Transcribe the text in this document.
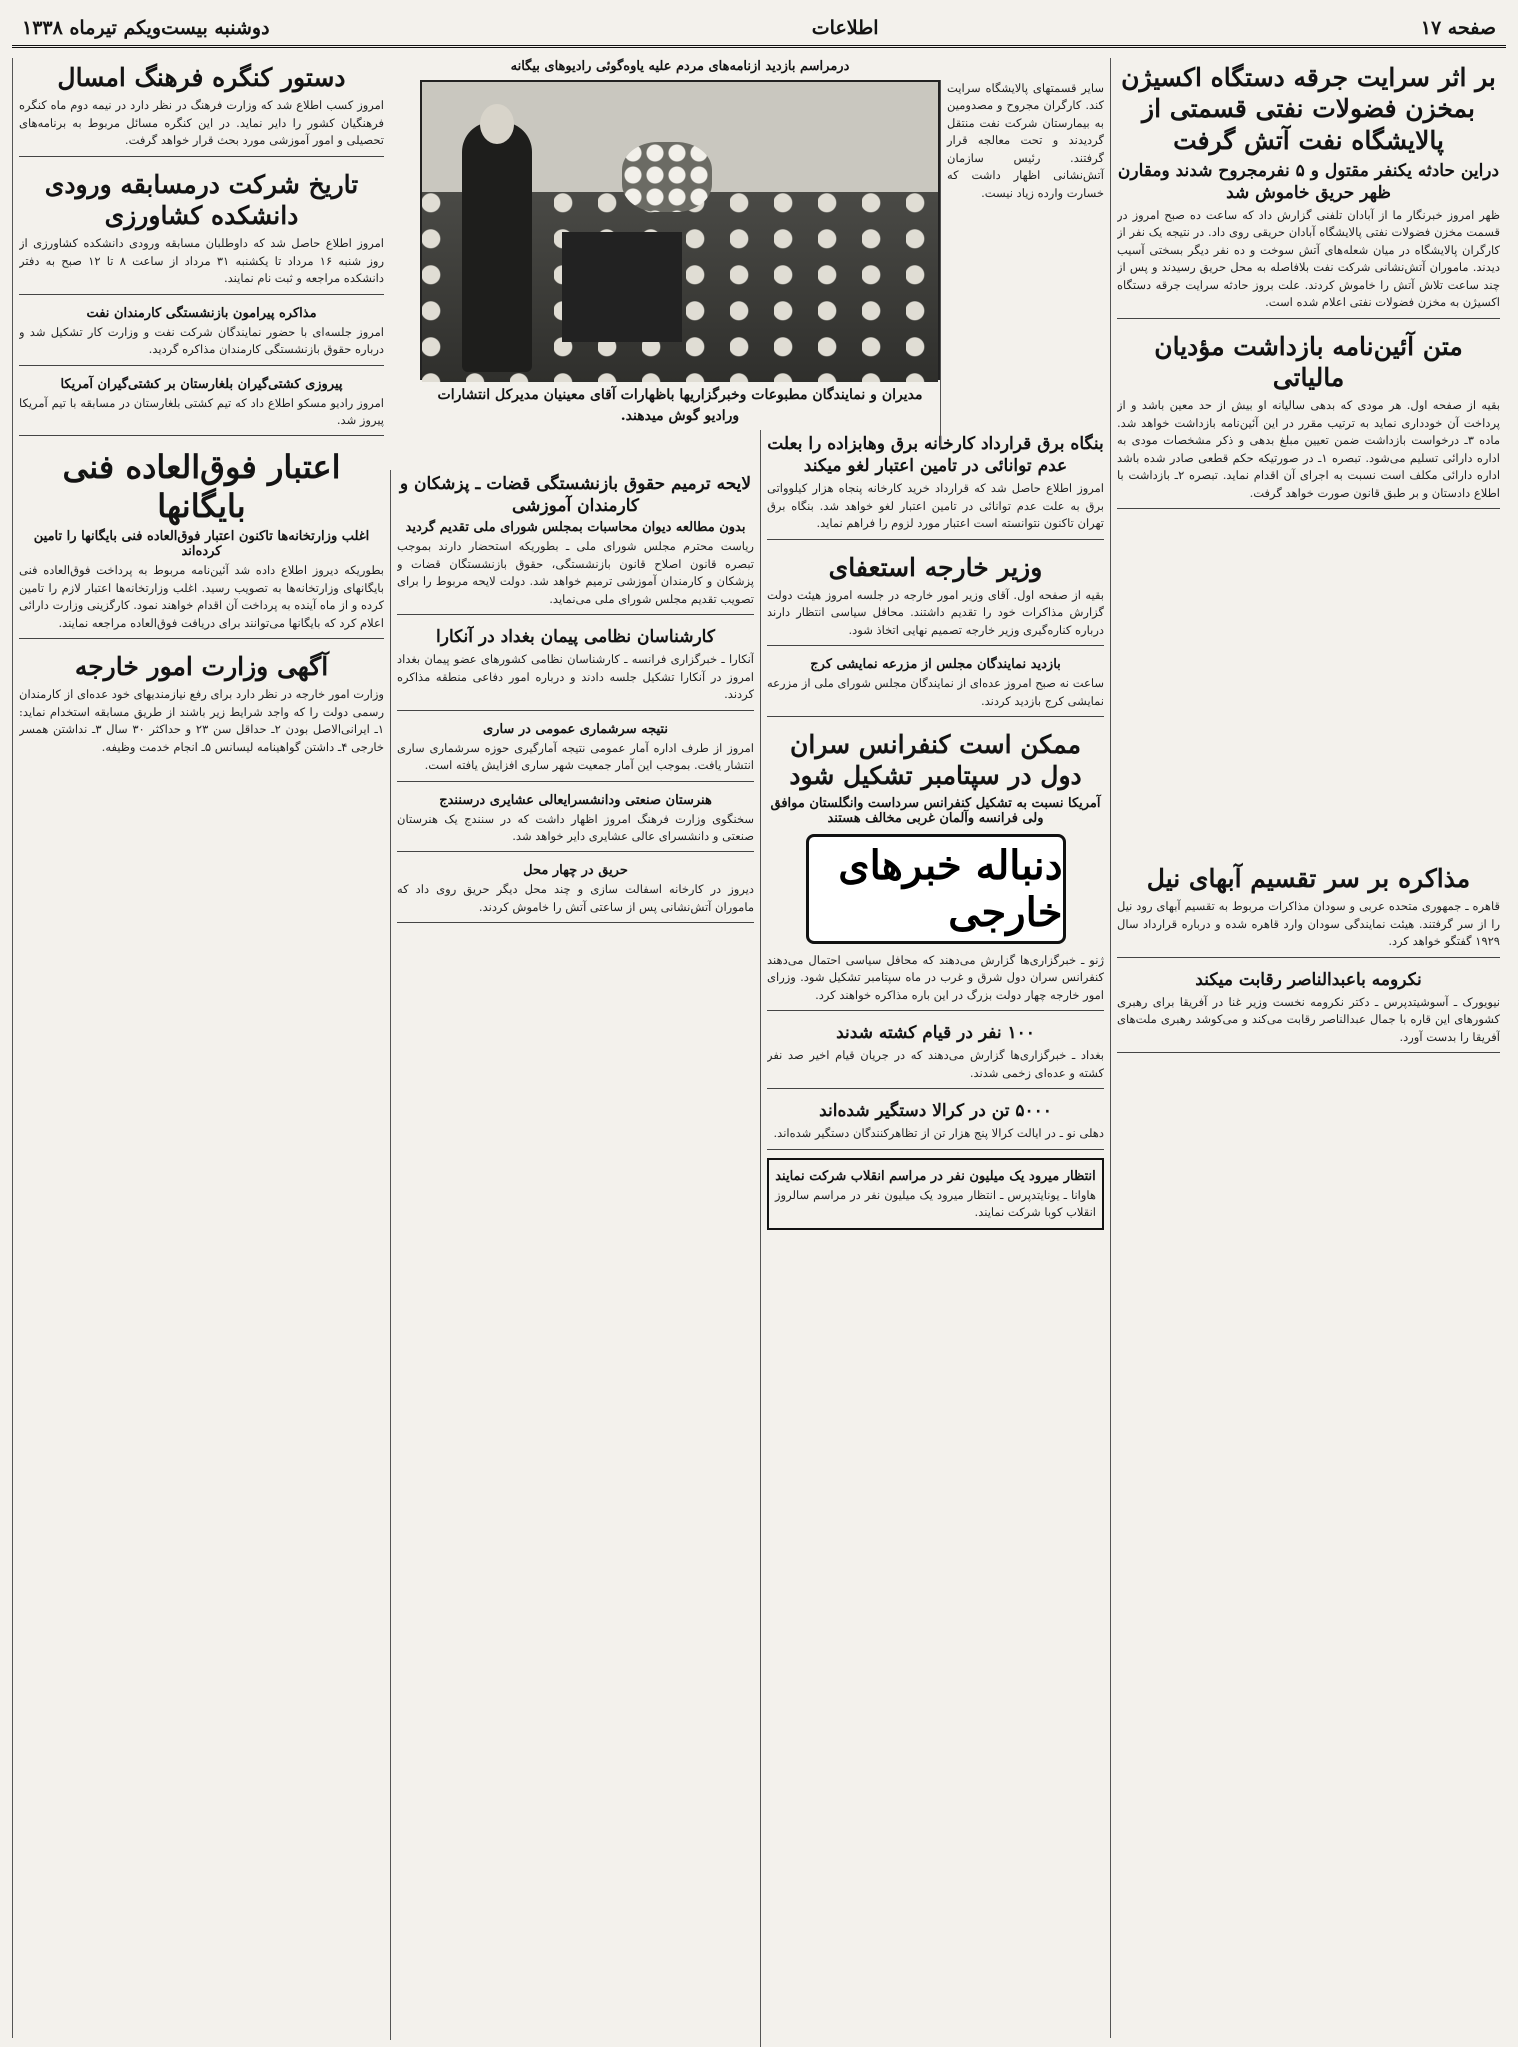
صفحه ۱۷
اطلاعات
دوشنبه بیست‌ویکم تیرماه ۱۳۳۸
بر اثر سرایت جرقه دستگاه اکسیژن بمخزن فضولات نفتی قسمتی از پالایشگاه نفت آتش گرفت
دراین حادثه یکنفر مقتول و ۵ نفرمجروح شدند ومقارن ظهر حریق خاموش شد
ظهر امروز خبرنگار ما از آبادان تلفنی گزارش داد که ساعت ده صبح امروز در قسمت مخزن فضولات نفتی پالایشگاه آبادان حریقی روی داد. در نتیجه یک نفر از کارگران پالایشگاه در میان شعله‌های آتش سوخت و ده نفر دیگر بسختی آسیب دیدند. ماموران آتش‌نشانی شرکت نفت بلافاصله به محل حریق رسیدند و پس از چند ساعت تلاش آتش را خاموش کردند. علت بروز حادثه سرایت جرقه دستگاه اکسیژن به مخزن فضولات نفتی اعلام شده است.
متن آئین‌نامه بازداشت مؤدیان مالیاتی
بقیه از صفحه اول. هر مودی که بدهی سالیانه او بیش از حد معین باشد و از پرداخت آن خودداری نماید به ترتیب مقرر در این آئین‌نامه بازداشت خواهد شد. ماده ۳ـ درخواست بازداشت ضمن تعیین مبلغ بدهی و ذکر مشخصات مودی به اداره دارائی تسلیم می‌شود. تبصره ۱ـ در صورتیکه حکم قطعی صادر شده باشد اداره دارائی مکلف است نسبت به اجرای آن اقدام نماید. تبصره ۲ـ بازداشت با اطلاع دادستان و بر طبق قانون صورت خواهد گرفت.
مذاکره بر سر تقسیم آبهای نیل
قاهره ـ جمهوری متحده عربی و سودان مذاکرات مربوط به تقسیم آبهای رود نیل را از سر گرفتند. هیئت نمایندگی سودان وارد قاهره شده و درباره قرارداد سال ۱۹۲۹ گفتگو خواهد کرد.
نکرومه باعبدالناصر رقابت میکند
نیویورک ـ آسوشیتدپرس ـ دکتر نکرومه نخست وزیر غنا در آفریقا برای رهبری کشورهای این قاره با جمال عبدالناصر رقابت می‌کند و می‌کوشد رهبری ملت‌های آفریقا را بدست آورد.
بنگاه برق قرارداد کارخانه برق وهابزاده را بعلت عدم توانائی در تامین اعتبار لغو میکند
امروز اطلاع حاصل شد که قرارداد خرید کارخانه پنجاه هزار کیلوواتی برق به علت عدم توانائی در تامین اعتبار لغو خواهد شد. بنگاه برق تهران تاکنون نتوانسته است اعتبار مورد لزوم را فراهم نماید.
وزیر خارجه استعفای
بقیه از صفحه اول. آقای وزیر امور خارجه در جلسه امروز هیئت دولت گزارش مذاکرات خود را تقدیم داشتند. محافل سیاسی انتظار دارند درباره کناره‌گیری وزیر خارجه تصمیم نهایی اتخاذ شود.
بازدید نمایندگان مجلس از مزرعه نمایشی کرج
ساعت نه صبح امروز عده‌ای از نمایندگان مجلس شورای ملی از مزرعه نمایشی کرج بازدید کردند.
ممکن است کنفرانس سران دول در سپتامبر تشکیل شود
آمریکا نسبت به تشکیل کنفرانس سرداست وانگلستان موافق ولی فرانسه وآلمان غربی مخالف هستند
دنباله خبرهای خارجی
ژنو ـ خبرگزاری‌ها گزارش می‌دهند که محافل سیاسی احتمال می‌دهند کنفرانس سران دول شرق و غرب در ماه سپتامبر تشکیل شود. وزرای امور خارجه چهار دولت بزرگ در این باره مذاکره خواهند کرد.
۱۰۰ نفر در قیام کشته شدند
بغداد ـ خبرگزاری‌ها گزارش می‌دهند که در جریان قیام اخیر صد نفر کشته و عده‌ای زخمی شدند.
۵۰۰۰ تن در کرالا دستگیر شده‌اند
دهلی نو ـ در ایالت کرالا پنج هزار تن از تظاهرکنندگان دستگیر شده‌اند.
انتظار میرود یک میلیون نفر در مراسم انقلاب شرکت نمایند
هاوانا ـ یونایتدپرس ـ انتظار میرود یک میلیون نفر در مراسم سالروز انقلاب کوبا شرکت نمایند.
درمراسم بازدید ازنامه‌های مردم علیه یاوه‌گوئی رادیوهای بیگانه
مدیران و نمایندگان مطبوعات وخبرگزاریها باظهارات آقای معینیان مدیرکل انتشارات ورادیو گوش میدهند.
سایر قسمتهای پالایشگاه سرایت کند. کارگران مجروح و مصدومین به بیمارستان شرکت نفت منتقل گردیدند و تحت معالجه قرار گرفتند. رئیس سازمان آتش‌نشانی اظهار داشت که خسارت وارده زیاد نیست.
لایحه ترمیم حقوق بازنشستگی قضات ـ پزشکان و کارمندان آموزشی
بدون مطالعه دیوان محاسبات بمجلس شورای ملی تقدیم گردید
ریاست محترم مجلس شورای ملی ـ بطوریکه استحضار دارند بموجب تبصره قانون اصلاح قانون بازنشستگی، حقوق بازنشستگان قضات و پزشکان و کارمندان آموزشی ترمیم خواهد شد. دولت لایحه مربوط را برای تصویب تقدیم مجلس شورای ملی می‌نماید.
کارشناسان نظامی پیمان بغداد در آنکارا
آنکارا ـ خبرگزاری فرانسه ـ کارشناسان نظامی کشورهای عضو پیمان بغداد امروز در آنکارا تشکیل جلسه دادند و درباره امور دفاعی منطقه مذاکره کردند.
نتیجه سرشماری عمومی در ساری
امروز از طرف اداره آمار عمومی نتیجه آمارگیری حوزه سرشماری ساری انتشار یافت. بموجب این آمار جمعیت شهر ساری افزایش یافته است.
هنرستان صنعتی ودانشسرایعالی عشایری درسنندج
سخنگوی وزارت فرهنگ امروز اظهار داشت که در سنندج یک هنرستان صنعتی و دانشسرای عالی عشایری دایر خواهد شد.
حریق در چهار محل
دیروز در کارخانه اسفالت سازی و چند محل دیگر حریق روی داد که ماموران آتش‌نشانی پس از ساعتی آتش را خاموش کردند.
دستور کنگره فرهنگ امسال
امروز کسب اطلاع شد که وزارت فرهنگ در نظر دارد در نیمه دوم ماه کنگره فرهنگیان کشور را دایر نماید. در این کنگره مسائل مربوط به برنامه‌های تحصیلی و امور آموزشی مورد بحث قرار خواهد گرفت.
تاریخ شرکت درمسابقه ورودی دانشکده کشاورزی
امروز اطلاع حاصل شد که داوطلبان مسابقه ورودی دانشکده کشاورزی از روز شنبه ۱۶ مرداد تا یکشنبه ۳۱ مرداد از ساعت ۸ تا ۱۲ صبح به دفتر دانشکده مراجعه و ثبت نام نمایند.
مذاکره پیرامون بازنشستگی کارمندان نفت
امروز جلسه‌ای با حضور نمایندگان شرکت نفت و وزارت کار تشکیل شد و درباره حقوق بازنشستگی کارمندان مذاکره گردید.
پیروزی کشتی‌گیران بلغارستان بر کشتی‌گیران آمریکا
امروز رادیو مسکو اطلاع داد که تیم کشتی بلغارستان در مسابقه با تیم آمریکا پیروز شد.
اعتبار فوق‌العاده فنی بایگانها
اغلب وزارتخانه‌ها تاکنون اعتبار فوق‌العاده فنی بایگانها را تامین کرده‌اند
بطوریکه دیروز اطلاع داده شد آئین‌نامه مربوط به پرداخت فوق‌العاده فنی بایگانهای وزارتخانه‌ها به تصویب رسید. اغلب وزارتخانه‌ها اعتبار لازم را تامین کرده و از ماه آینده به پرداخت آن اقدام خواهند نمود. کارگزینی وزارت دارائی اعلام کرد که بایگانها می‌توانند برای دریافت فوق‌العاده مراجعه نمایند.
آگهی وزارت امور خارجه
وزارت امور خارجه در نظر دارد برای رفع نیازمندیهای خود عده‌ای از کارمندان رسمی دولت را که واجد شرایط زیر باشند از طریق مسابقه استخدام نماید: ۱ـ ایرانی‌الاصل بودن ۲ـ حداقل سن ۲۳ و حداکثر ۳۰ سال ۳ـ نداشتن همسر خارجی ۴ـ داشتن گواهینامه لیسانس ۵ـ انجام خدمت وظیفه.
